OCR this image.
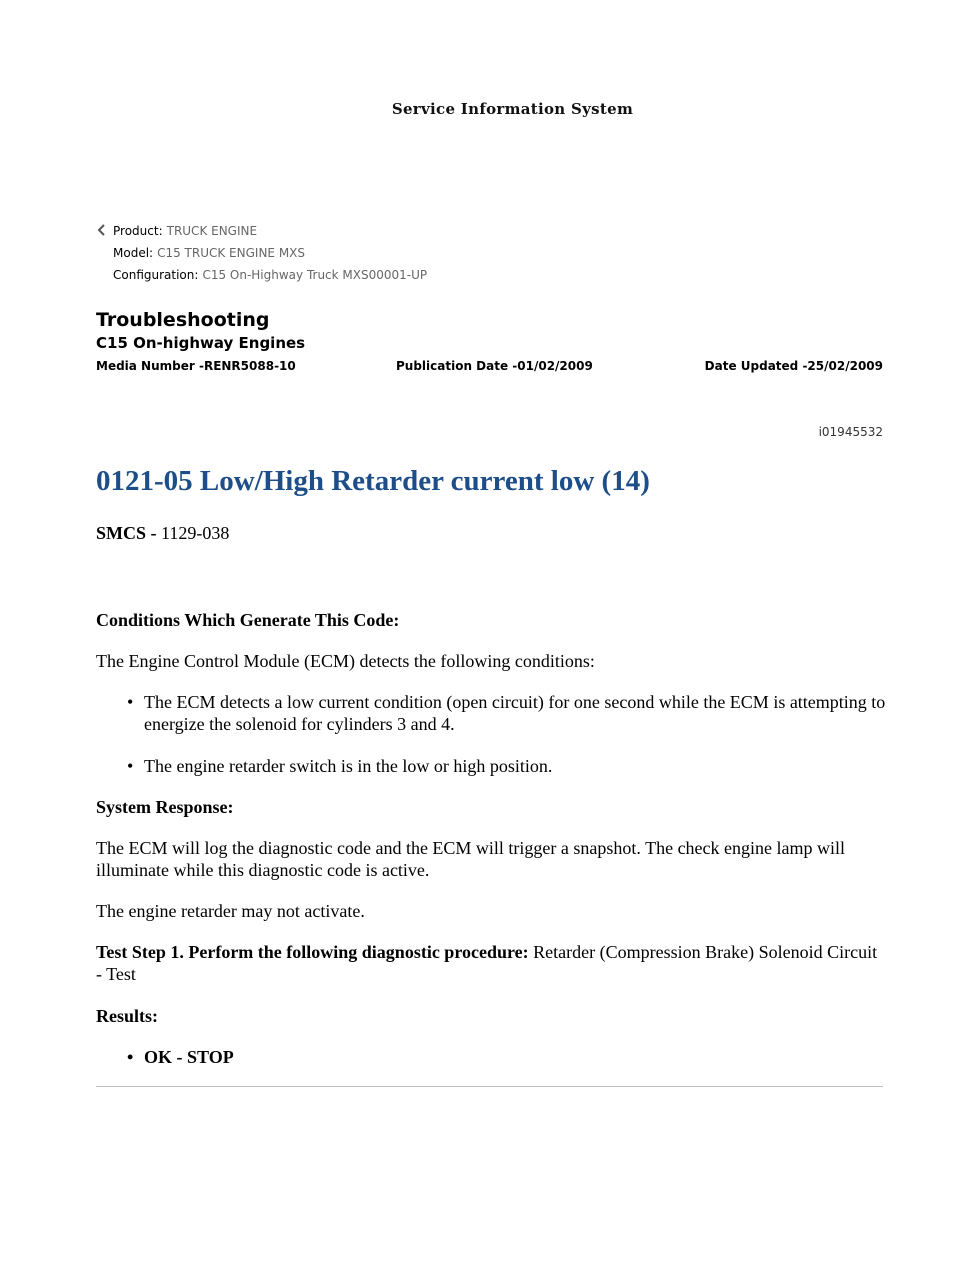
Service Information System
Product: TRUCK ENGINE
Model: C15 TRUCK ENGINE MXS
Configuration: C15 On-Highway Truck MXS00001-UP
Troubleshooting
C15 On-highway Engines
Media Number -RENR5088-10	Publication Date -01/02/2009	Date Updated -25/02/2009
i01945532
0121-05 Low/High Retarder current low (14)
SMCS - 1129-038
Conditions Which Generate This Code:
The Engine Control Module (ECM) detects the following conditions:
• The ECM detects a low current condition (open circuit) for one second while the ECM is attempting to energize the solenoid for cylinders 3 and 4.
• The engine retarder switch is in the low or high position.
System Response:
The ECM will log the diagnostic code and the ECM will trigger a snapshot. The check engine lamp will illuminate while this diagnostic code is active.
The engine retarder may not activate.
Test Step 1. Perform the following diagnostic procedure: Retarder (Compression Brake) Solenoid Circuit - Test
Results:
• OK - STOP
